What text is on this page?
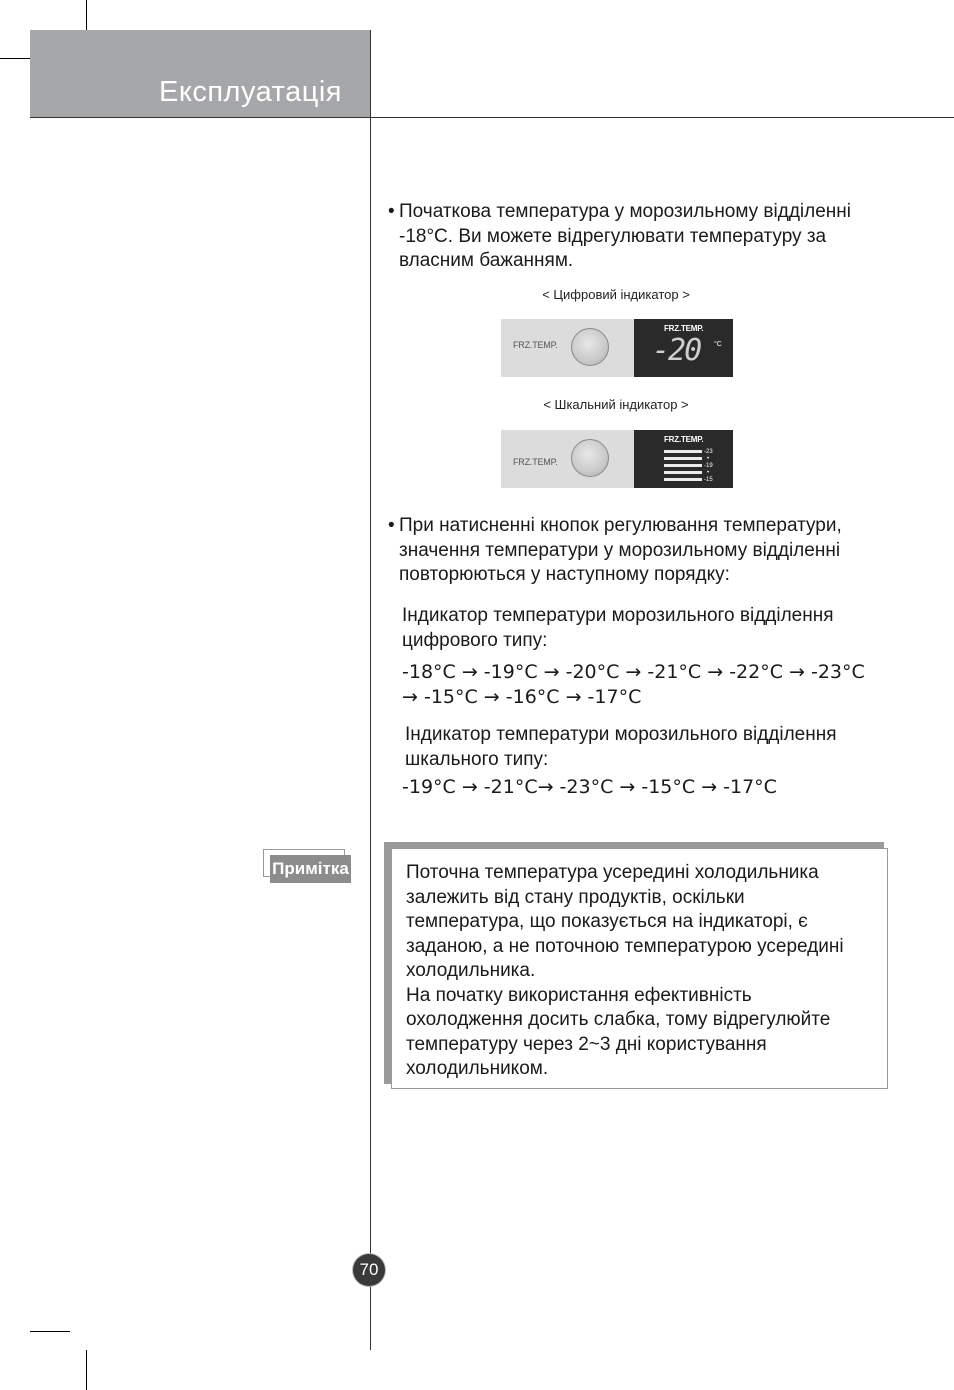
Експлуатація
• Початкова температура у морозильному відділенні
-18°C. Ви можете відрегулювати температуру за
власним бажанням.
< Цифровий індикатор >
FRZ.TEMP.
FRZ.TEMP.
-20 °C
< Шкальний індикатор >
FRZ.TEMP.
FRZ.TEMP.
-23
•
-19
•
-15
• При натисненні кнопок регулювання температури,
значення температури у морозильному відділенні
повторюються у наступному порядку:
Індикатор температури морозильного відділення
цифрового типу:
-18°C → -19°C → -20°C → -21°C → -22°C → -23°C
→ -15°C → -16°C → -17°C
Індикатор температури морозильного відділення
шкального типу:
-19°C → -21°C→ -23°C → -15°C → -17°C
Примітка	Поточна температура усередині холодильника
залежить від стану продуктів, оскільки
температура, що показується на індикаторі, є
заданою, а не поточною температурою усередині
холодильника.
На початку використання ефективність
охолодження досить слабка, тому відрегулюйте
температуру через 2~3 дні користування
холодильником.
70
